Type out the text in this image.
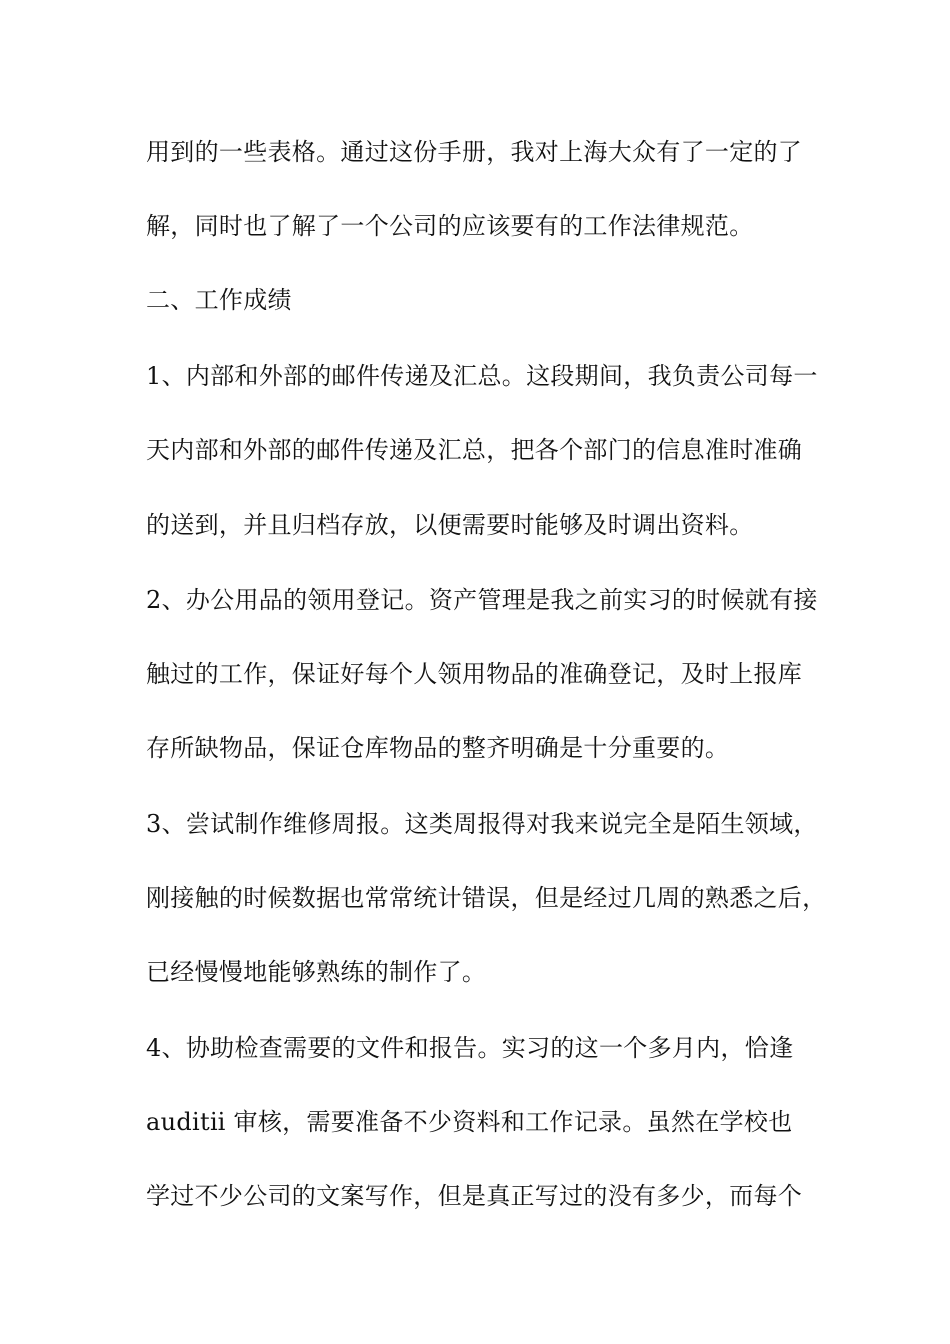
用到的一些表格。通过这份手册，我对上海大众有了一定的了
解，同时也了解了一个公司的应该要有的工作法律规范。
二、工作成绩
1、内部和外部的邮件传递及汇总。这段期间，我负责公司每一
天内部和外部的邮件传递及汇总，把各个部门的信息准时准确
的送到，并且归档存放，以便需要时能够及时调出资料。
2、办公用品的领用登记。资产管理是我之前实习的时候就有接
触过的工作，保证好每个人领用物品的准确登记，及时上报库
存所缺物品，保证仓库物品的整齐明确是十分重要的。
3、尝试制作维修周报。这类周报得对我来说完全是陌生领域，
刚接触的时候数据也常常统计错误，但是经过几周的熟悉之后，
已经慢慢地能够熟练的制作了。
4、协助检查需要的文件和报告。实习的这一个多月内，恰逢
auditⅱ 审核，需要准备不少资料和工作记录。虽然在学校也
学过不少公司的文案写作，但是真正写过的没有多少，而每个
